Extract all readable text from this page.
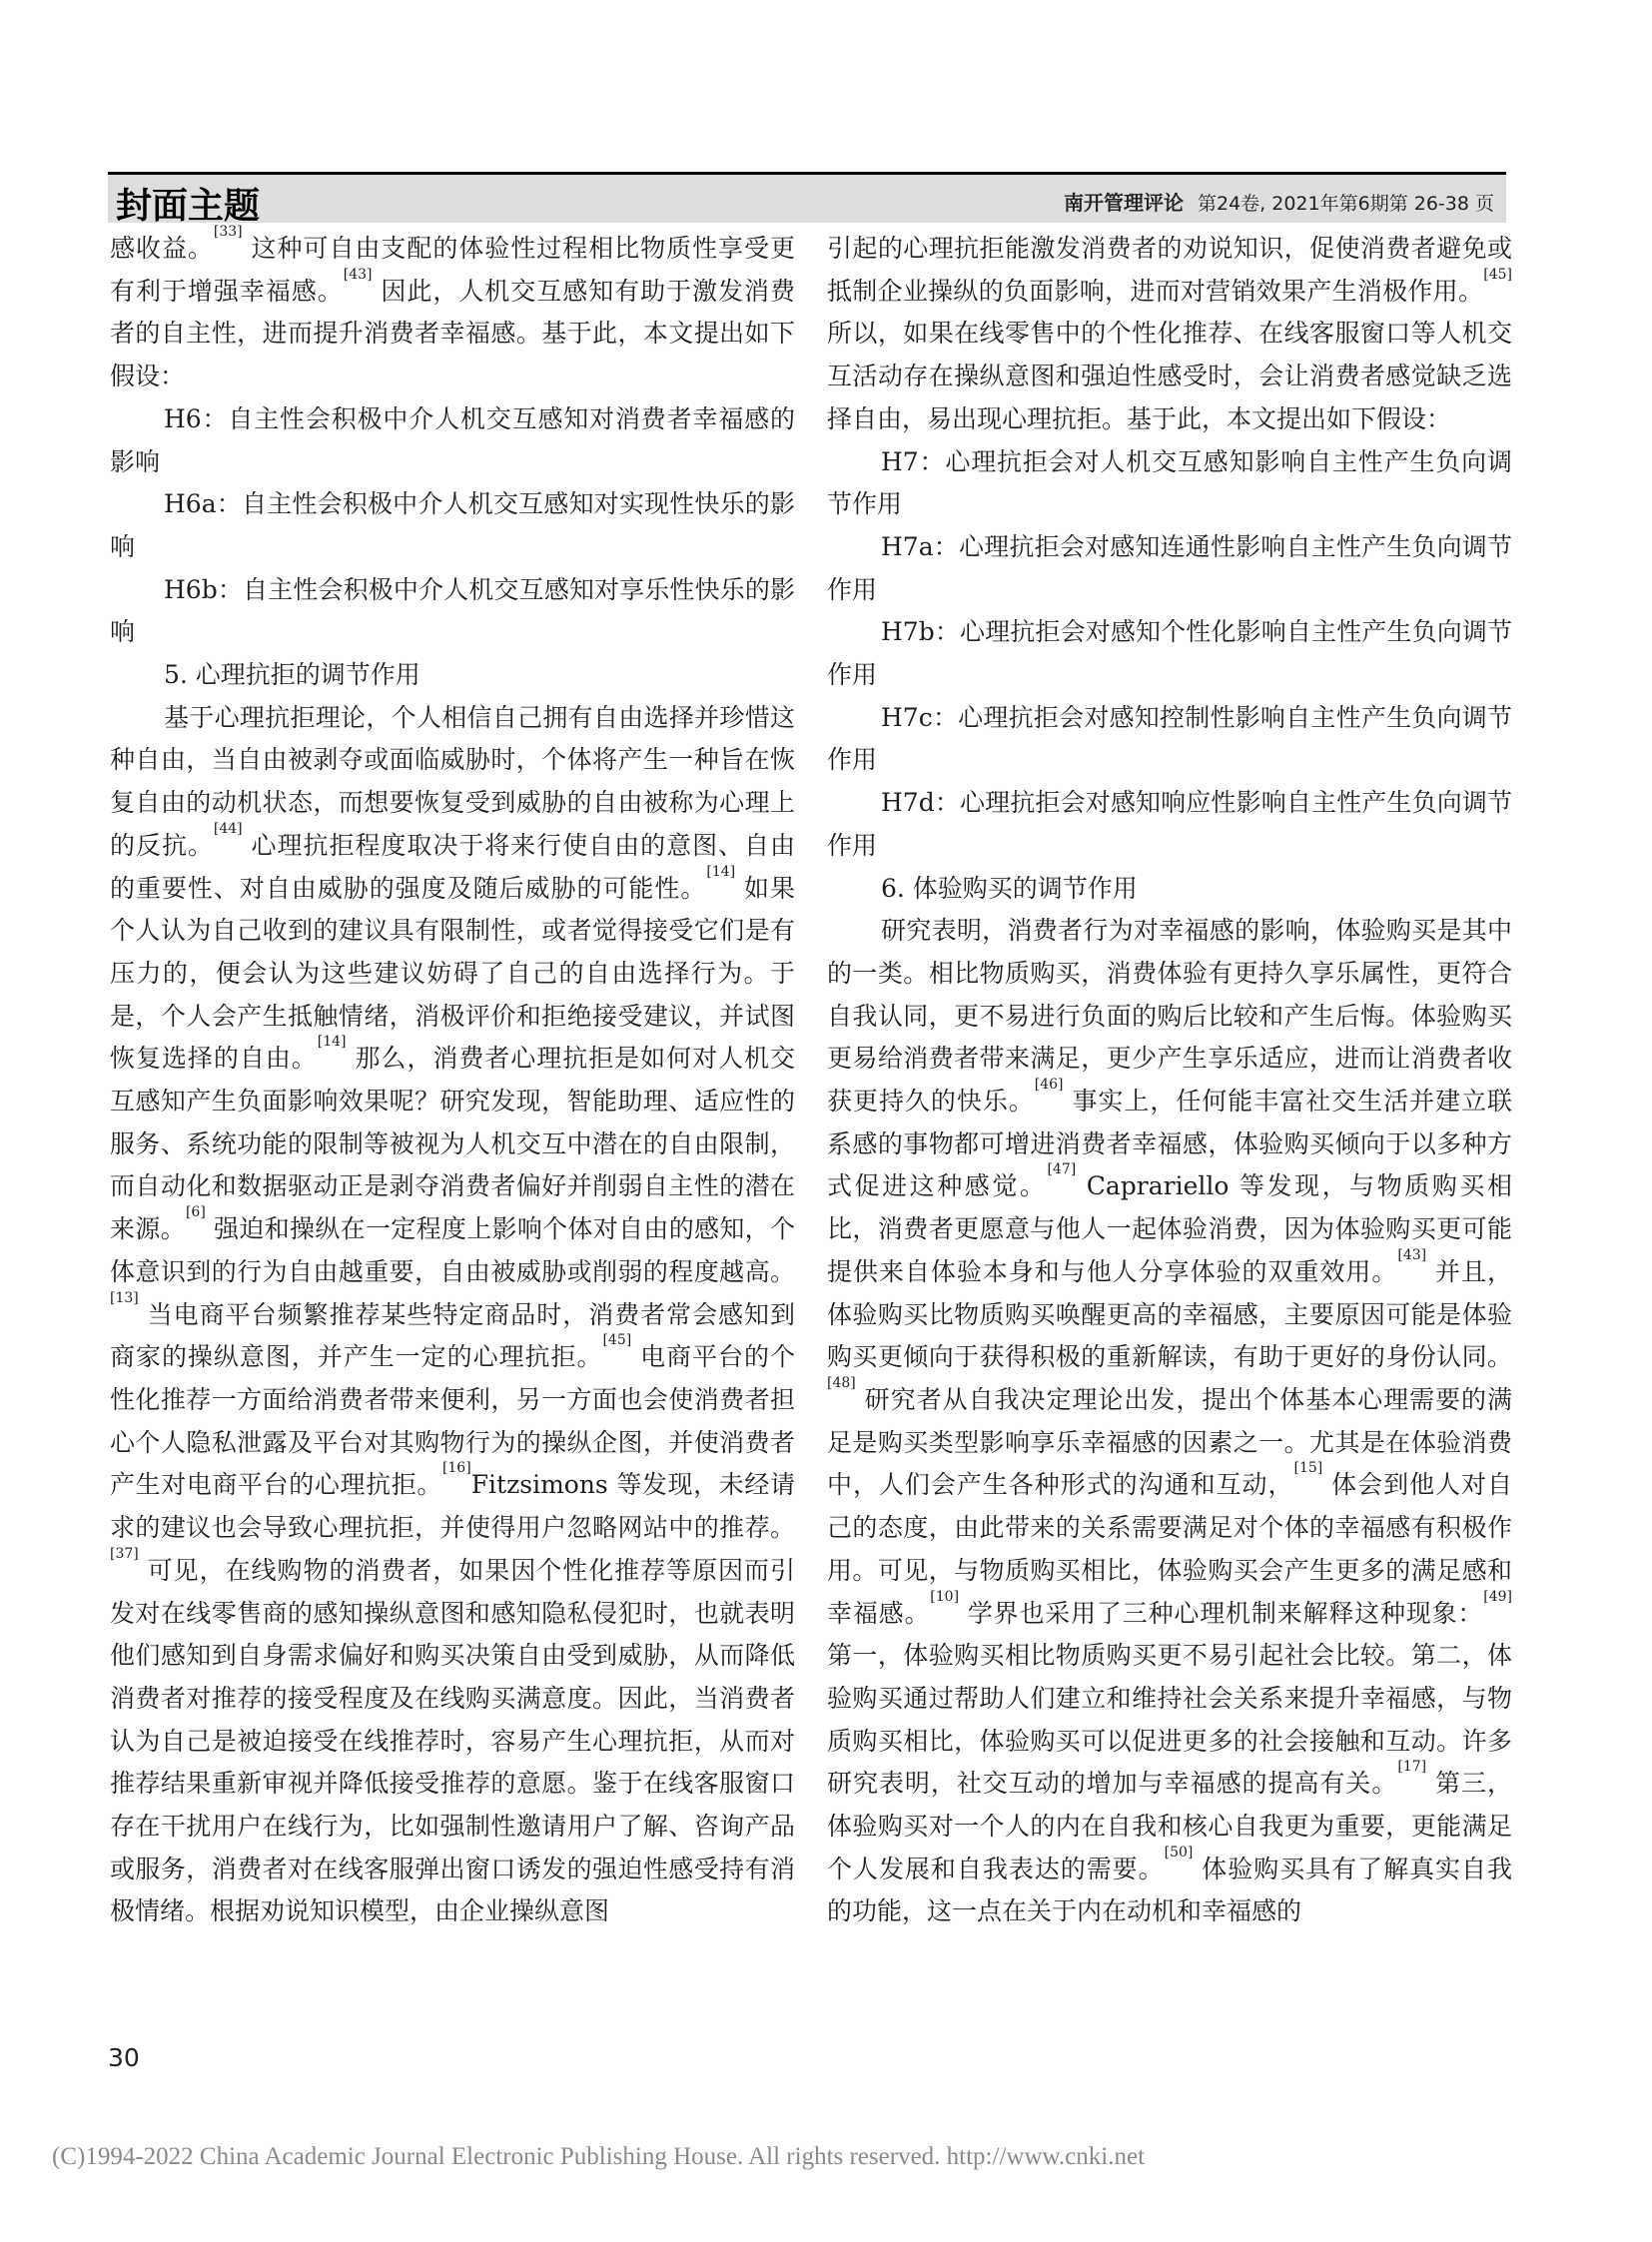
封面主题	南开管理评论 第24卷, 2021年第6期第 26-38 页

感收益。[33] 这种可自由支配的体验性过程相比物质性享受更有利于增强幸福感。[43] 因此，人机交互感知有助于激发消费者的自主性，进而提升消费者幸福感。基于此，本文提出如下假设：

H6：自主性会积极中介人机交互感知对消费者幸福感的影响

H6a：自主性会积极中介人机交互感知对实现性快乐的影响

H6b：自主性会积极中介人机交互感知对享乐性快乐的影响

5. 心理抗拒的调节作用

基于心理抗拒理论，个人相信自己拥有自由选择并珍惜这种自由，当自由被剥夺或面临威胁时，个体将产生一种旨在恢复自由的动机状态，而想要恢复受到威胁的自由被称为心理上的反抗。[44] 心理抗拒程度取决于将来行使自由的意图、自由的重要性、对自由威胁的强度及随后威胁的可能性。[14] 如果个人认为自己收到的建议具有限制性，或者觉得接受它们是有压力的，便会认为这些建议妨碍了自己的自由选择行为。于是，个人会产生抵触情绪，消极评价和拒绝接受建议，并试图恢复选择的自由。[14] 那么，消费者心理抗拒是如何对人机交互感知产生负面影响效果呢？研究发现，智能助理、适应性的服务、系统功能的限制等被视为人机交互中潜在的自由限制，而自动化和数据驱动正是剥夺消费者偏好并削弱自主性的潜在来源。[6] 强迫和操纵在一定程度上影响个体对自由的感知，个体意识到的行为自由越重要，自由被威胁或削弱的程度越高。[13] 当电商平台频繁推荐某些特定商品时，消费者常会感知到商家的操纵意图，并产生一定的心理抗拒。[45] 电商平台的个性化推荐一方面给消费者带来便利，另一方面也会使消费者担心个人隐私泄露及平台对其购物行为的操纵企图，并使消费者产生对电商平台的心理抗拒。[16]Fitzsimons 等发现，未经请求的建议也会导致心理抗拒，并使得用户忽略网站中的推荐。[37] 可见，在线购物的消费者，如果因个性化推荐等原因而引发对在线零售商的感知操纵意图和感知隐私侵犯时，也就表明他们感知到自身需求偏好和购买决策自由受到威胁，从而降低消费者对推荐的接受程度及在线购买满意度。因此，当消费者认为自己是被迫接受在线推荐时，容易产生心理抗拒，从而对推荐结果重新审视并降低接受推荐的意愿。鉴于在线客服窗口存在干扰用户在线行为，比如强制性邀请用户了解、咨询产品或服务，消费者对在线客服弹出窗口诱发的强迫性感受持有消极情绪。根据劝说知识模型，由企业操纵意图

引起的心理抗拒能激发消费者的劝说知识，促使消费者避免或抵制企业操纵的负面影响，进而对营销效果产生消极作用。[45] 所以，如果在线零售中的个性化推荐、在线客服窗口等人机交互活动存在操纵意图和强迫性感受时，会让消费者感觉缺乏选择自由，易出现心理抗拒。基于此，本文提出如下假设：

H7：心理抗拒会对人机交互感知影响自主性产生负向调节作用

H7a：心理抗拒会对感知连通性影响自主性产生负向调节作用

H7b：心理抗拒会对感知个性化影响自主性产生负向调节作用

H7c：心理抗拒会对感知控制性影响自主性产生负向调节作用

H7d：心理抗拒会对感知响应性影响自主性产生负向调节作用

6. 体验购买的调节作用

研究表明，消费者行为对幸福感的影响，体验购买是其中的一类。相比物质购买，消费体验有更持久享乐属性，更符合自我认同，更不易进行负面的购后比较和产生后悔。体验购买更易给消费者带来满足，更少产生享乐适应，进而让消费者收获更持久的快乐。[46] 事实上，任何能丰富社交生活并建立联系感的事物都可增进消费者幸福感，体验购买倾向于以多种方式促进这种感觉。[47] Caprariello 等发现，与物质购买相比，消费者更愿意与他人一起体验消费，因为体验购买更可能提供来自体验本身和与他人分享体验的双重效用。[43] 并且，体验购买比物质购买唤醒更高的幸福感，主要原因可能是体验购买更倾向于获得积极的重新解读，有助于更好的身份认同。[48] 研究者从自我决定理论出发，提出个体基本心理需要的满足是购买类型影响享乐幸福感的因素之一。尤其是在体验消费中，人们会产生各种形式的沟通和互动，[15] 体会到他人对自己的态度，由此带来的关系需要满足对个体的幸福感有积极作用。可见，与物质购买相比，体验购买会产生更多的满足感和幸福感。[10] 学界也采用了三种心理机制来解释这种现象：[49] 第一，体验购买相比物质购买更不易引起社会比较。第二，体验购买通过帮助人们建立和维持社会关系来提升幸福感，与物质购买相比，体验购买可以促进更多的社会接触和互动。许多研究表明，社交互动的增加与幸福感的提高有关。[17] 第三，体验购买对一个人的内在自我和核心自我更为重要，更能满足个人发展和自我表达的需要。[50] 体验购买具有了解真实自我的功能，这一点在关于内在动机和幸福感的

30
(C)1994-2022 China Academic Journal Electronic Publishing House. All rights reserved. http://www.cnki.net
